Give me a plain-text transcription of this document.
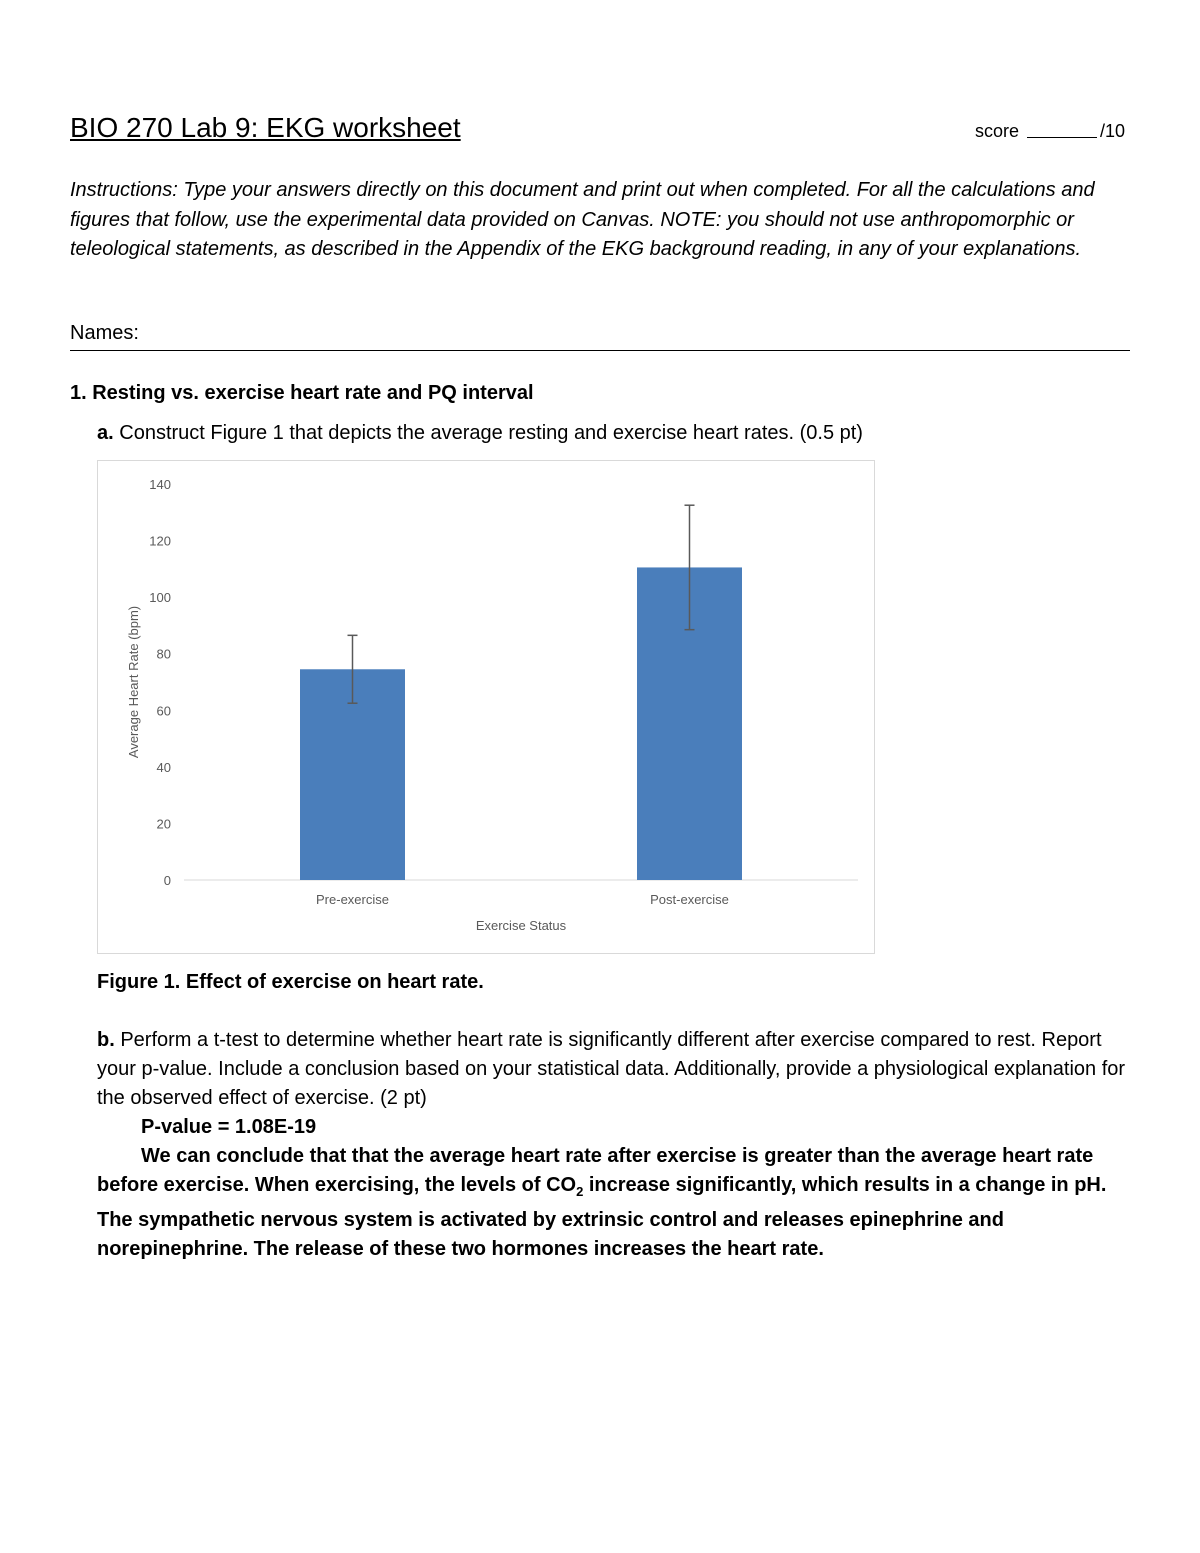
BIO 270 Lab 9: EKG worksheet	score	/10

Instructions: Type your answers directly on this document and print out when completed. For all the calculations and figures that follow, use the experimental data provided on Canvas. NOTE: you should not use anthropomorphic or teleological statements, as described in the Appendix of the EKG background reading, in any of your explanations.

Names:

1. Resting vs. exercise heart rate and PQ interval

a. Construct Figure 1 that depicts the average resting and exercise heart rates. (0.5 pt)

0
20
40
60
80
100
120
140
Pre-exercise	Post-exercise
Exercise Status
Average Heart Rate (bpm)

Figure 1. Effect of exercise on heart rate.

b. Perform a t-test to determine whether heart rate is significantly different after exercise compared to rest. Report your p-value. Include a conclusion based on your statistical data. Additionally, provide a physiological explanation for the observed effect of exercise. (2 pt)

P-value = 1.08E-19
We can conclude that that the average heart rate after exercise is greater than the average heart rate before exercise. When exercising, the levels of $CO_2$ increase significantly, which results in a change in pH. The sympathetic nervous system is activated by extrinsic control and releases epinephrine and norepinephrine. The release of these two hormones increases the heart rate.
